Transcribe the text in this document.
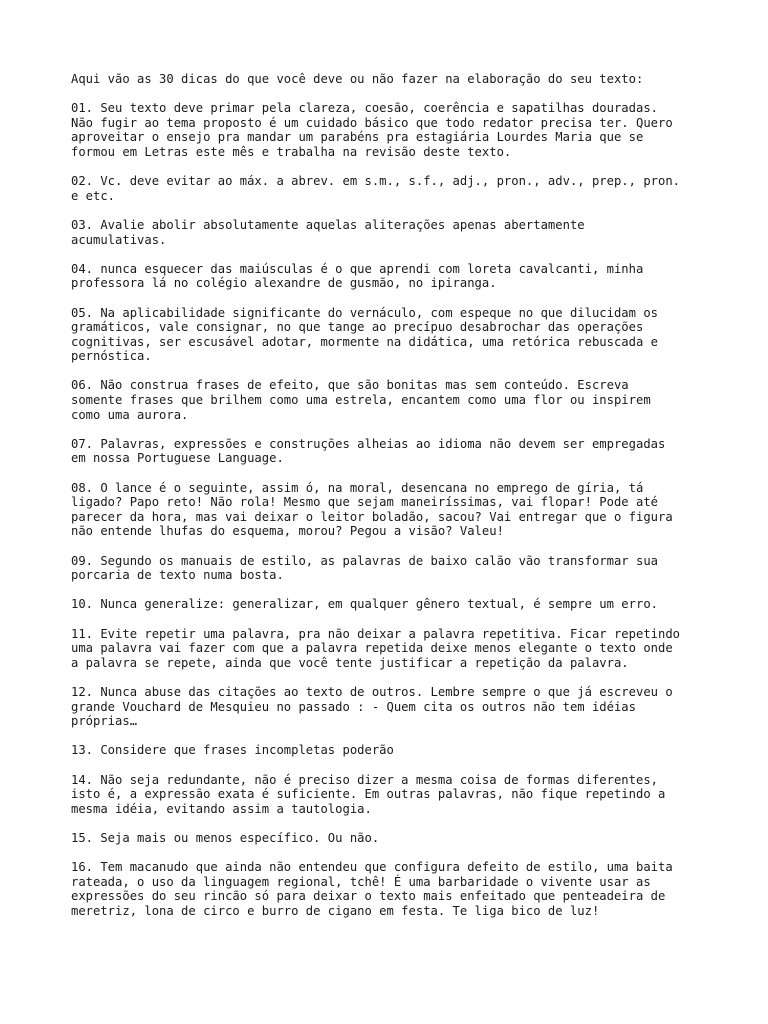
Aqui vão as 30 dicas do que você deve ou não fazer na elaboração do seu texto:

01. Seu texto deve primar pela clareza, coesão, coerência e sapatilhas douradas.
Não fugir ao tema proposto é um cuidado básico que todo redator precisa ter. Quero
aproveitar o ensejo pra mandar um parabéns pra estagiária Lourdes Maria que se
formou em Letras este mês e trabalha na revisão deste texto.

02. Vc. deve evitar ao máx. a abrev. em s.m., s.f., adj., pron., adv., prep., pron.
e etc.

03. Avalie abolir absolutamente aquelas aliterações apenas abertamente
acumulativas.

04. nunca esquecer das maiúsculas é o que aprendi com loreta cavalcanti, minha
professora lá no colégio alexandre de gusmão, no ipiranga.

05. Na aplicabilidade significante do vernáculo, com espeque no que dilucidam os
gramáticos, vale consignar, no que tange ao precípuo desabrochar das operações
cognitivas, ser escusável adotar, mormente na didática, uma retórica rebuscada e
pernóstica.

06. Não construa frases de efeito, que são bonitas mas sem conteúdo. Escreva
somente frases que brilhem como uma estrela, encantem como uma flor ou inspirem
como uma aurora.

07. Palavras, expressões e construções alheias ao idioma não devem ser empregadas
em nossa Portuguese Language.

08. O lance é o seguinte, assim ó, na moral, desencana no emprego de gíria, tá
ligado? Papo reto! Não rola! Mesmo que sejam maneiríssimas, vai flopar! Pode até
parecer da hora, mas vai deixar o leitor boladão, sacou? Vai entregar que o figura
não entende lhufas do esquema, morou? Pegou a visão? Valeu!

09. Segundo os manuais de estilo, as palavras de baixo calão vão transformar sua
porcaria de texto numa bosta.

10. Nunca generalize: generalizar, em qualquer gênero textual, é sempre um erro.

11. Evite repetir uma palavra, pra não deixar a palavra repetitiva. Ficar repetindo
uma palavra vai fazer com que a palavra repetida deixe menos elegante o texto onde
a palavra se repete, ainda que você tente justificar a repetição da palavra.

12. Nunca abuse das citações ao texto de outros. Lembre sempre o que já escreveu o
grande Vouchard de Mesquieu no passado : - Quem cita os outros não tem idéias
próprias…

13. Considere que frases incompletas poderão

14. Não seja redundante, não é preciso dizer a mesma coisa de formas diferentes,
isto é, a expressão exata é suficiente. Em outras palavras, não fique repetindo a
mesma idéia, evitando assim a tautologia.

15. Seja mais ou menos específico. Ou não.

16. Tem macanudo que ainda não entendeu que configura defeito de estilo, uma baita
rateada, o uso da linguagem regional, tchê! É uma barbaridade o vivente usar as
expressões do seu rincão só para deixar o texto mais enfeitado que penteadeira de
meretriz, lona de circo e burro de cigano em festa. Te liga bico de luz!
